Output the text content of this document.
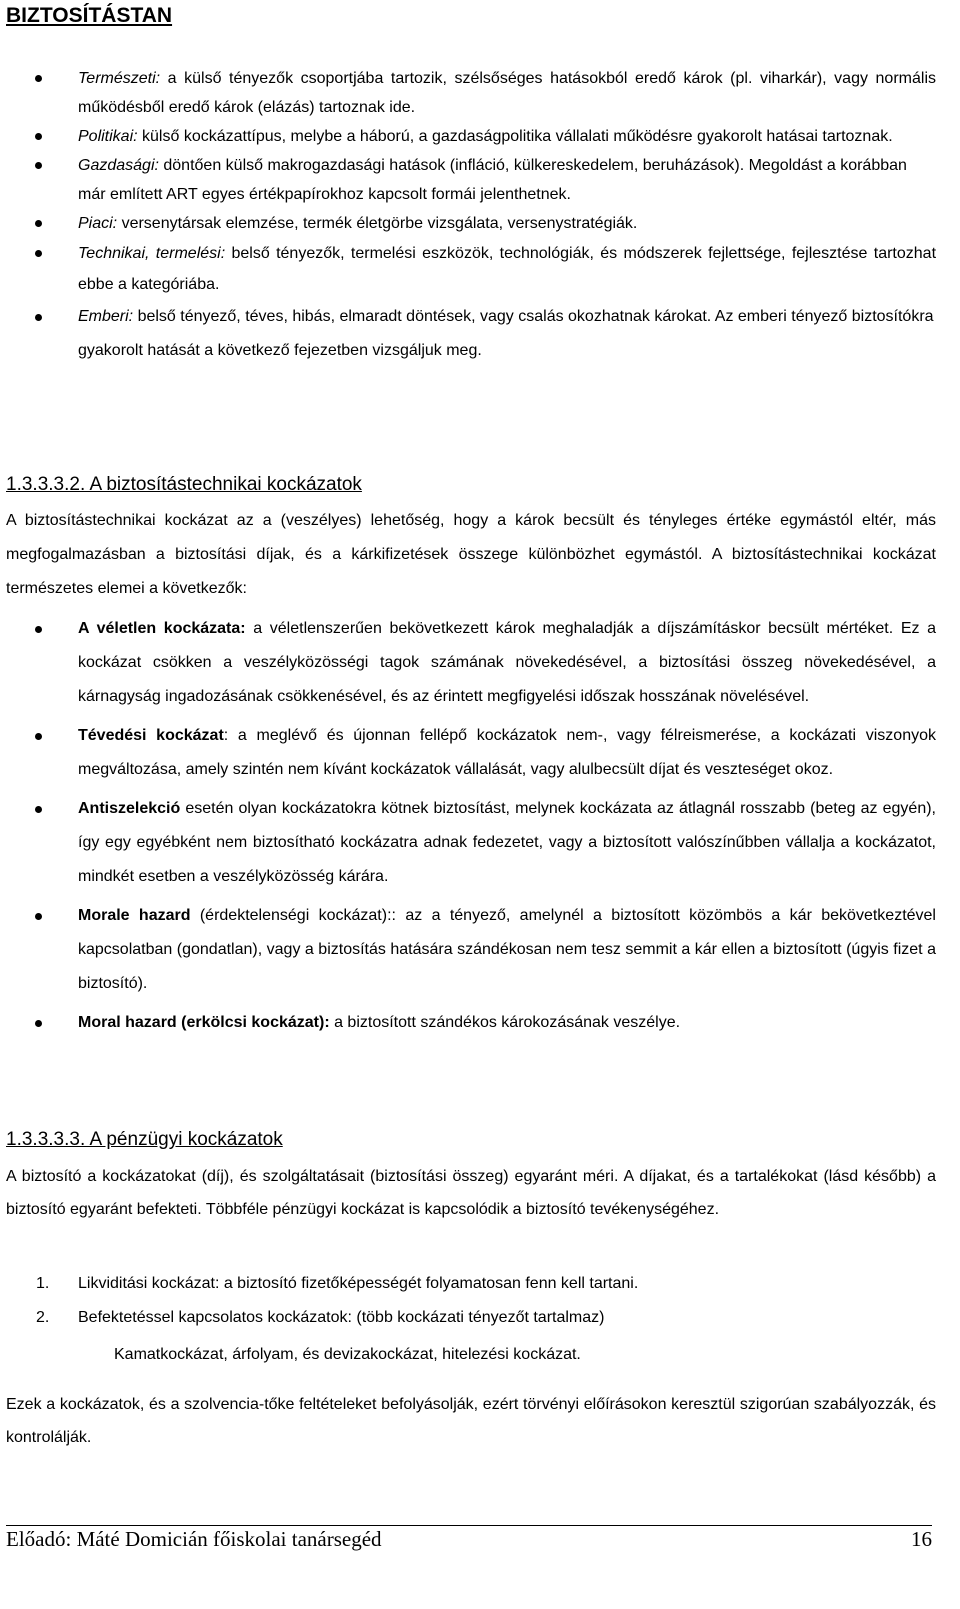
BIZTOSÍTÁSTAN
Természeti: a külső tényezők csoportjába tartozik, szélsőséges hatásokból eredő károk (pl. viharkár), vagy normális működésből eredő károk (elázás) tartoznak ide.
Politikai: külső kockázattípus, melybe a háború, a gazdaságpolitika vállalati működésre gyakorolt hatásai tartoznak.
Gazdasági: döntően külső makrogazdasági hatások (infláció, külkereskedelem, beruházások). Megoldást a korábban már említett ART egyes értékpapírokhoz kapcsolt formái jelenthetnek.
Piaci: versenytársak elemzése, termék életgörbe vizsgálata, versenystratégiák.
Technikai, termelési: belső tényezők, termelési eszközök, technológiák, és módszerek fejlettsége, fejlesztése tartozhat ebbe a kategóriába.
Emberi: belső tényező, téves, hibás, elmaradt döntések, vagy csalás okozhatnak károkat. Az emberi tényező biztosítókra gyakorolt hatását a következő fejezetben vizsgáljuk meg.
1.3.3.3.2. A biztosítástechnikai kockázatok
A biztosítástechnikai kockázat az a (veszélyes) lehetőség, hogy a károk becsült és tényleges értéke egymástól eltér, más megfogalmazásban a biztosítási díjak, és a kárkifizetések összege különbözhet egymástól. A biztosítástechnikai kockázat természetes elemei a következők:
A véletlen kockázata: a véletlenszerűen bekövetkezett károk meghaladják a díjszámításkor becsült mértéket. Ez a kockázat csökken a veszélyközösségi tagok számának növekedésével, a biztosítási összeg növekedésével, a kárnagyság ingadozásának csökkenésével, és az érintett megfigyelési időszak hosszának növelésével.
Tévedési kockázat: a meglévő és újonnan fellépő kockázatok nem-, vagy félreismerése, a kockázati viszonyok megváltozása, amely szintén nem kívánt kockázatok vállalását, vagy alulbecsült díjat és veszteséget okoz.
Antiszelekció esetén olyan kockázatokra kötnek biztosítást, melynek kockázata az átlagnál rosszabb (beteg az egyén), így egy egyébként nem biztosítható kockázatra adnak fedezetet, vagy a biztosított valószínűbben vállalja a kockázatot, mindkét esetben a veszélyközösség kárára.
Morale hazard (érdektelenségi kockázat):: az a tényező, amelynél a biztosított közömbös a kár bekövetkeztével kapcsolatban (gondatlan), vagy a biztosítás hatására szándékosan nem tesz semmit a kár ellen a biztosított (úgyis fizet a biztosító).
Moral hazard (erkölcsi kockázat): a biztosított szándékos károkozásának veszélye.
1.3.3.3.3. A pénzügyi kockázatok
A biztosító a kockázatokat (díj), és szolgáltatásait (biztosítási összeg) egyaránt méri. A díjakat, és a tartalékokat (lásd később) a biztosító egyaránt befekteti. Többféle pénzügyi kockázat is kapcsolódik a biztosító tevékenységéhez.
1. Likviditási kockázat: a biztosító fizetőképességét folyamatosan fenn kell tartani.
2. Befektetéssel kapcsolatos kockázatok: (több kockázati tényezőt tartalmaz)
Kamatkockázat, árfolyam, és devizakockázat, hitelezési kockázat.
Ezek a kockázatok, és a szolvencia-tőke feltételeket befolyásolják, ezért törvényi előírásokon keresztül szigorúan szabályozzák, és kontrolálják.
Előadó: Máté Domicián főiskolai tanársegéd	16
